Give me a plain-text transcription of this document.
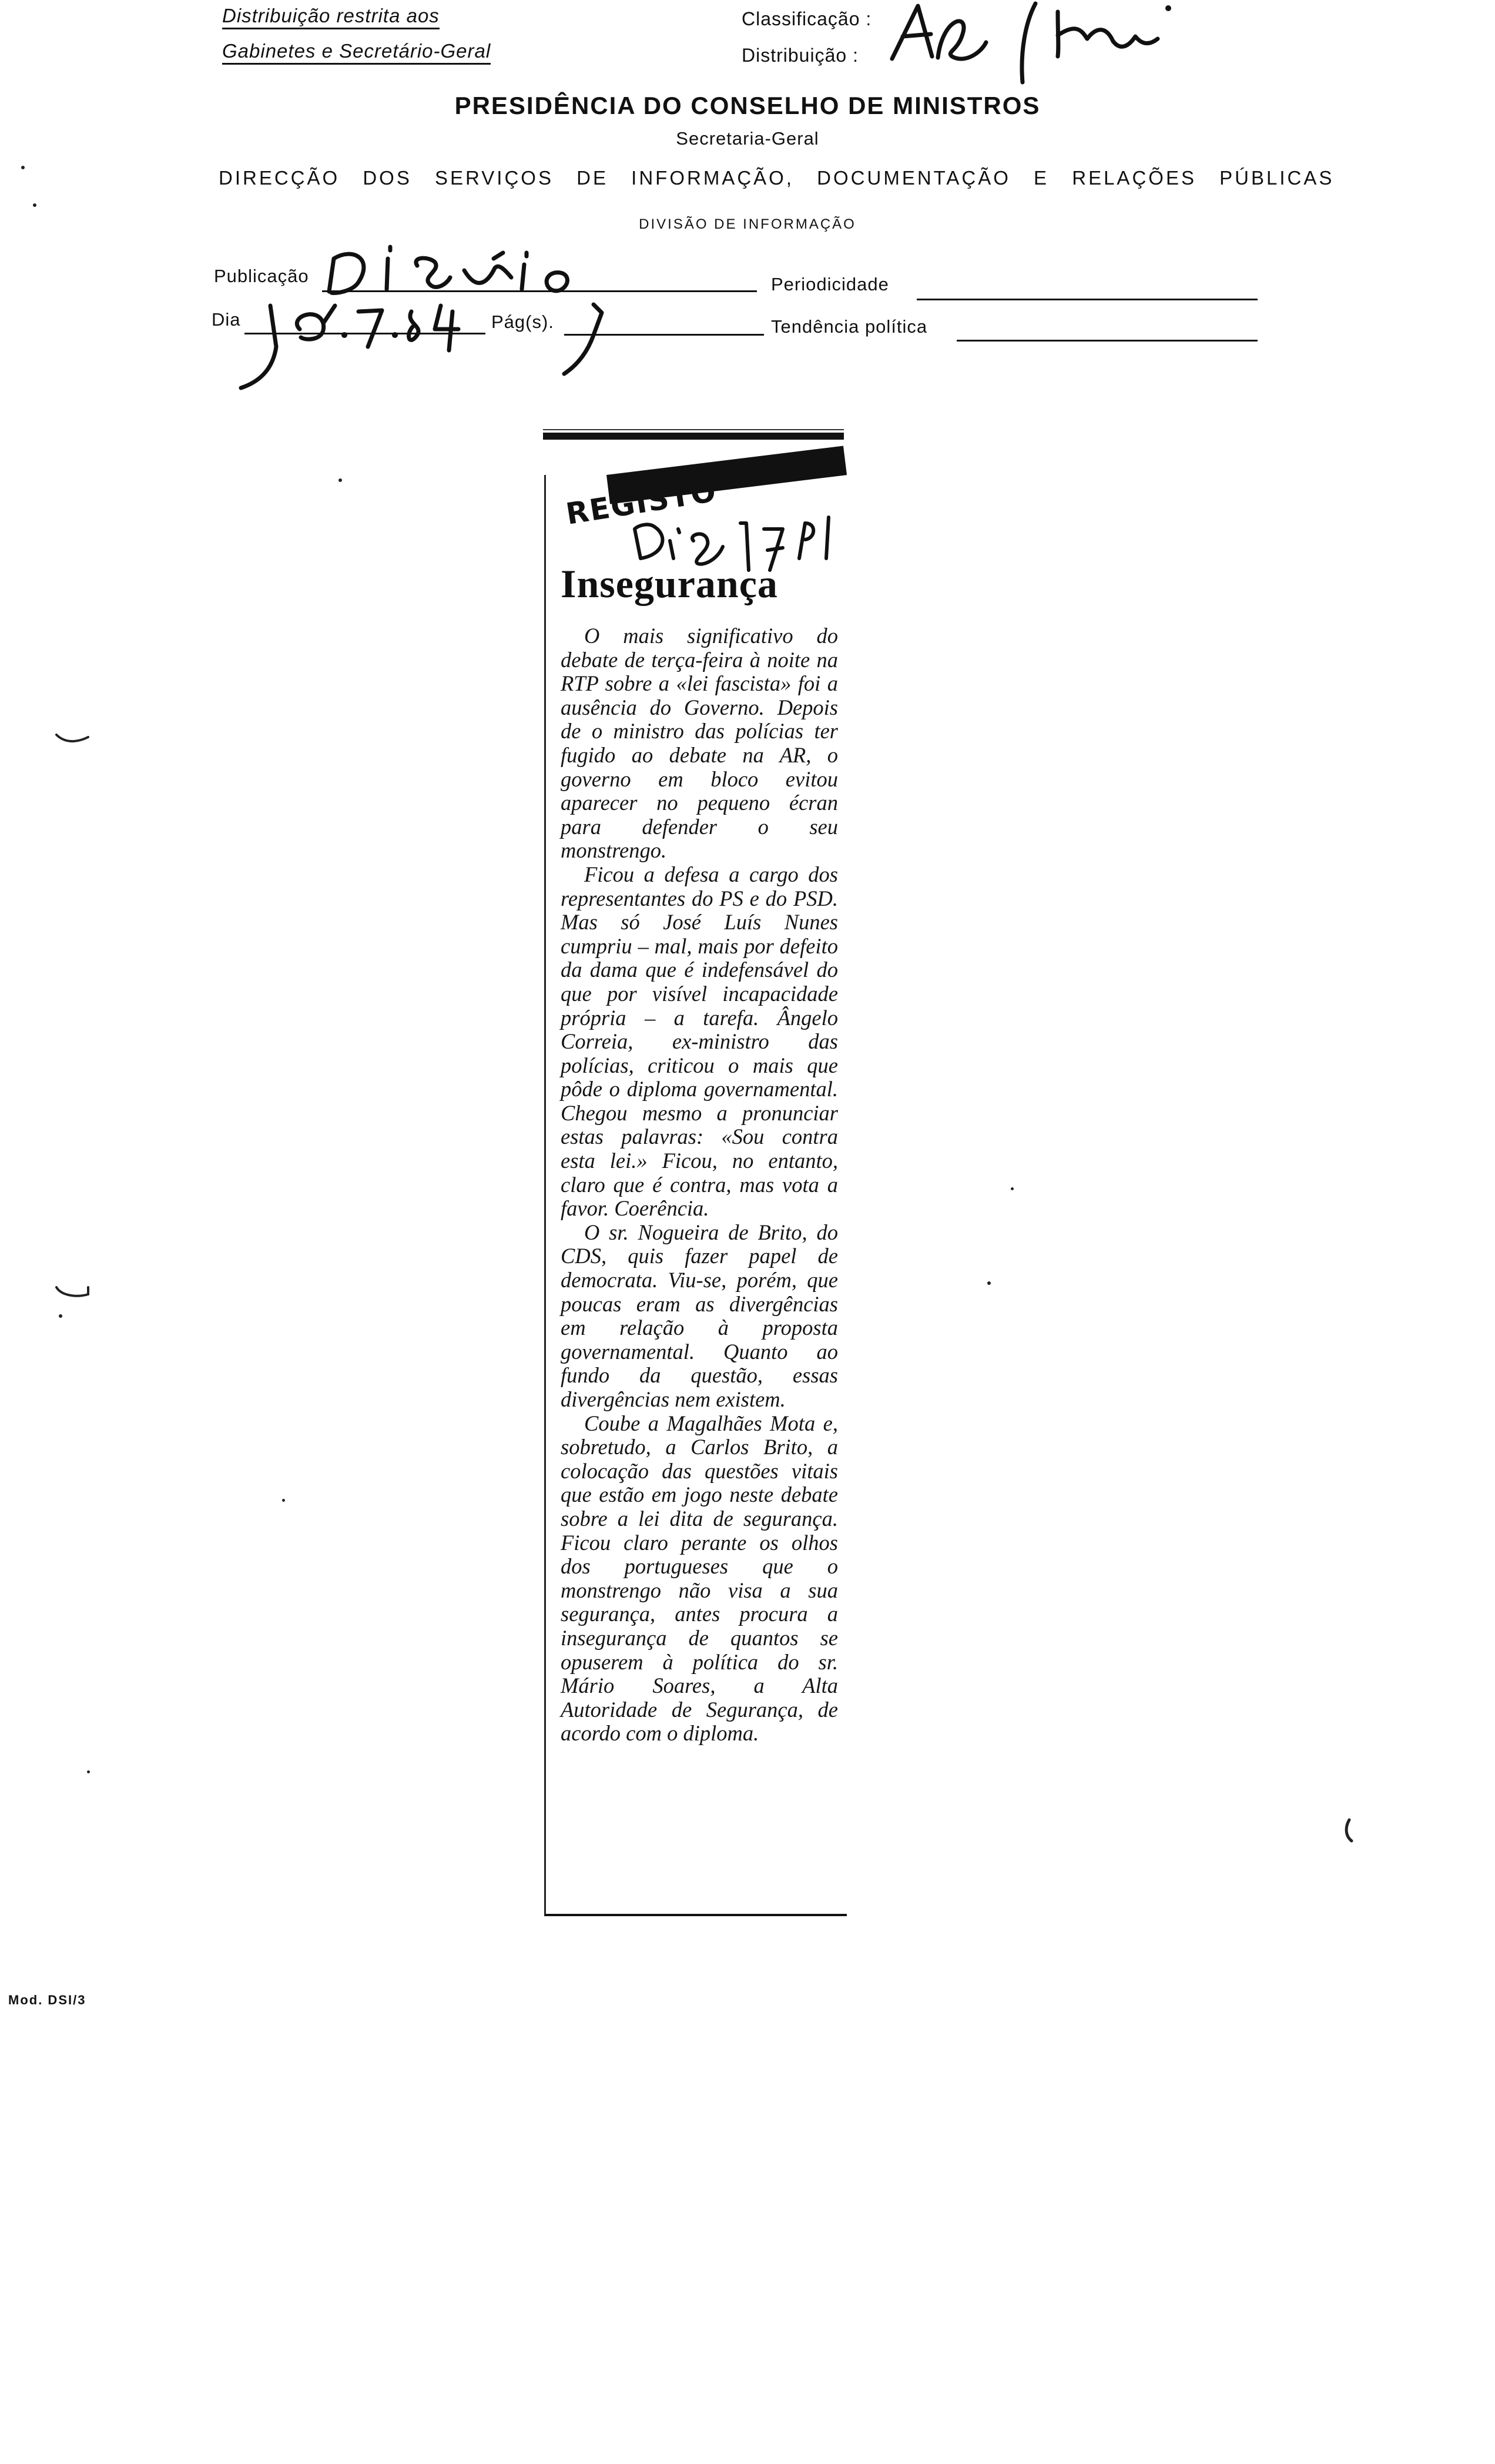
Distribuição restrita aos
Gabinetes e Secretário-Geral
Classificação :
Distribuição :
PRESIDÊNCIA DO CONSELHO DE MINISTROS
Secretaria-Geral
DIRECÇÃO DOS SERVIÇOS DE INFORMAÇÃO, DOCUMENTAÇÃO E RELAÇÕES PÚBLICAS
DIVISÃO DE INFORMAÇÃO
Publicação	Periodicidade
Dia	Pág(s).	Tendência política
REGISTO
Insegurança

O mais significativo do debate de terça-feira à noite na RTP sobre a «lei fascista» foi a ausência do Governo. Depois de o ministro das polícias ter fugido ao debate na AR, o governo em bloco evitou aparecer no pequeno écran para defender o seu monstrengo.

Ficou a defesa a cargo dos representantes do PS e do PSD. Mas só José Luís Nunes cumpriu – mal, mais por defeito da dama que é indefensável do que por visível incapacidade própria – a tarefa. Ângelo Correia, ex-ministro das polícias, criticou o mais que pôde o diploma governamental. Chegou mesmo a pronunciar estas palavras: «Sou contra esta lei.» Ficou, no entanto, claro que é contra, mas vota a favor. Coerência.

O sr. Nogueira de Brito, do CDS, quis fazer papel de democrata. Viu-se, porém, que poucas eram as divergências em relação à proposta governamental. Quanto ao fundo da questão, essas divergências nem existem.

Coube a Magalhães Mota e, sobretudo, a Carlos Brito, a colocação das questões vitais que estão em jogo neste debate sobre a lei dita de segurança. Ficou claro perante os olhos dos portugueses que o monstrengo não visa a sua segurança, antes procura a insegurança de quantos se opuserem à política do sr. Mário Soares, a Alta Autoridade de Segurança, de acordo com o diploma.

Mod. DSI/3
